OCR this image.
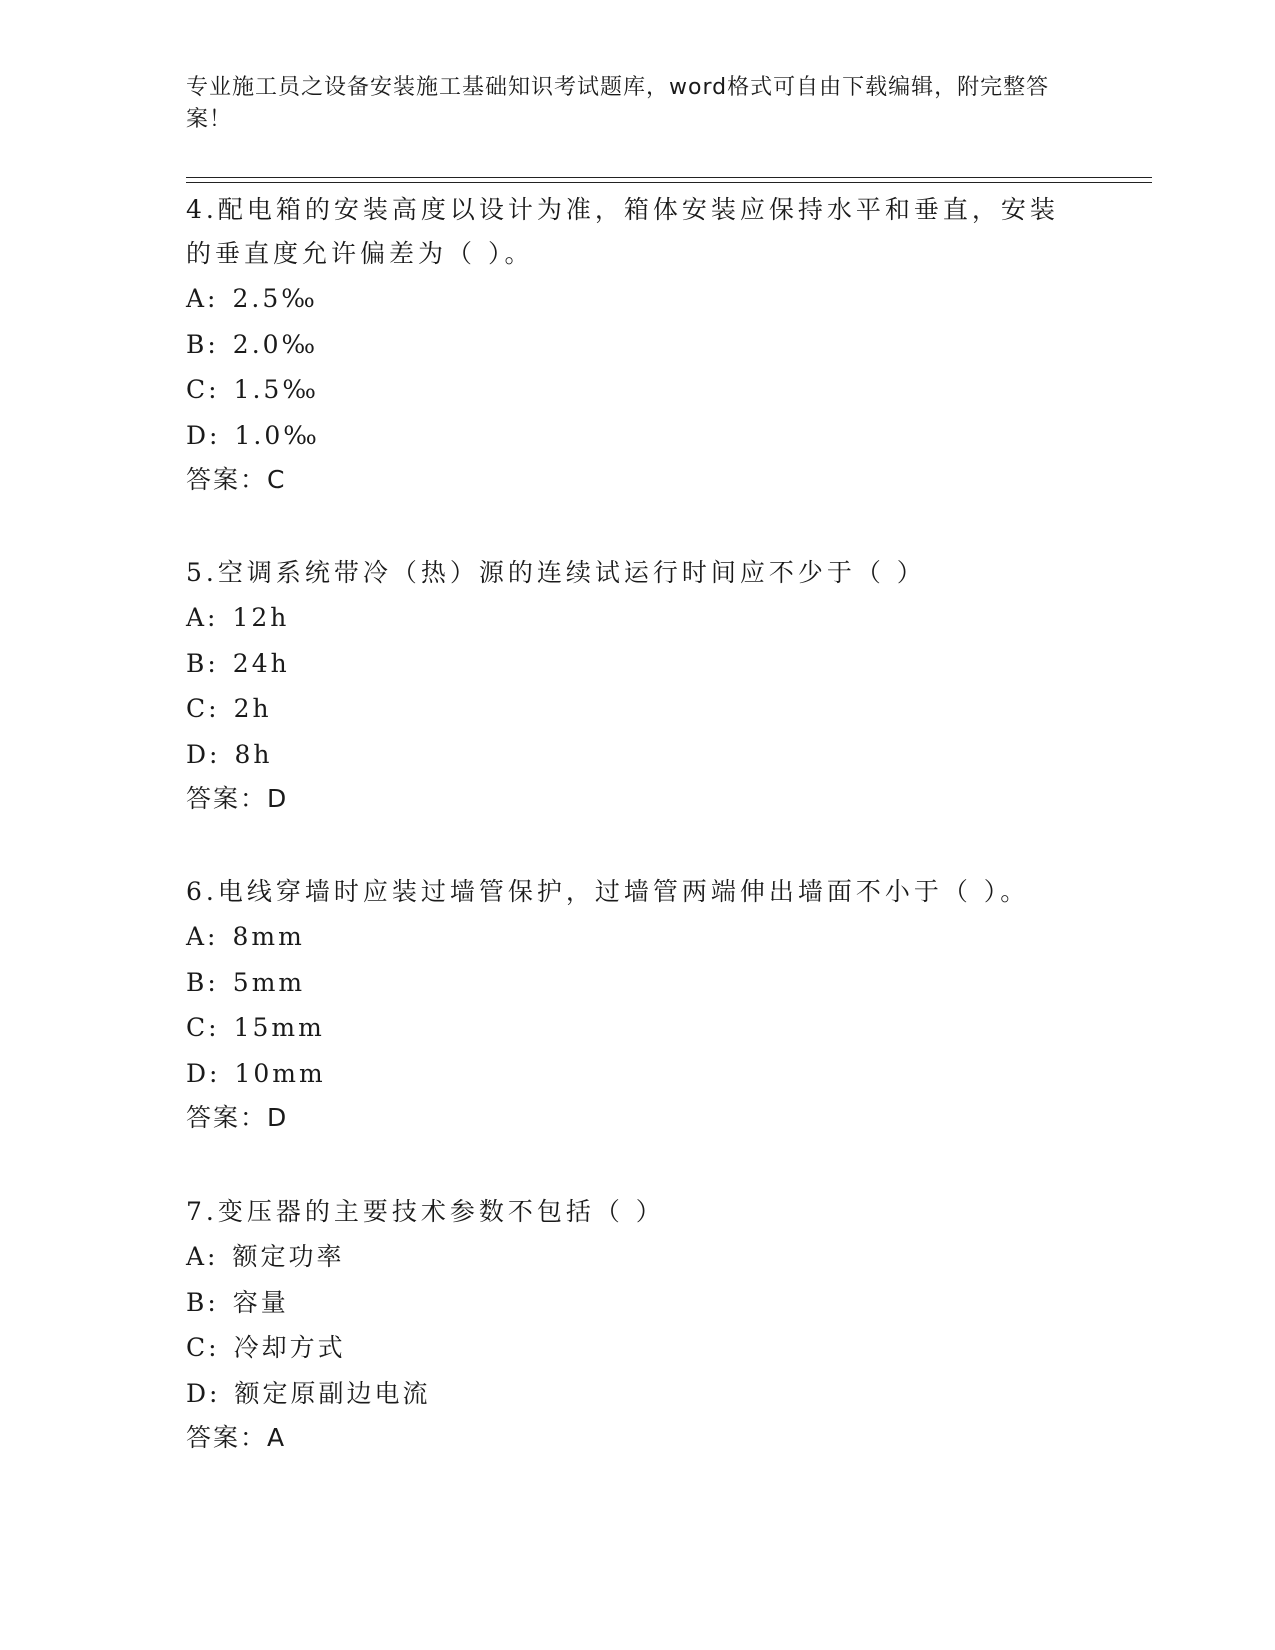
专业施工员之设备安装施工基础知识考试题库，word格式可自由下载编辑，附完整答案！

4.配电箱的安装高度以设计为准，箱体安装应保持水平和垂直，安装的垂直度允许偏差为（ ）。

A: 2.5‰

B: 2.0‰

C: 1.5‰

D: 1.0‰

答案：C

5.空调系统带冷（热）源的连续试运行时间应不少于（ ）

A: 12h

B: 24h

C: 2h

D: 8h

答案：D

6.电线穿墙时应装过墙管保护，过墙管两端伸出墙面不小于（ ）。

A: 8mm

B: 5mm

C: 15mm

D: 10mm

答案：D

7.变压器的主要技术参数不包括（ ）

A: 额定功率

B: 容量

C: 冷却方式

D: 额定原副边电流

答案：A
